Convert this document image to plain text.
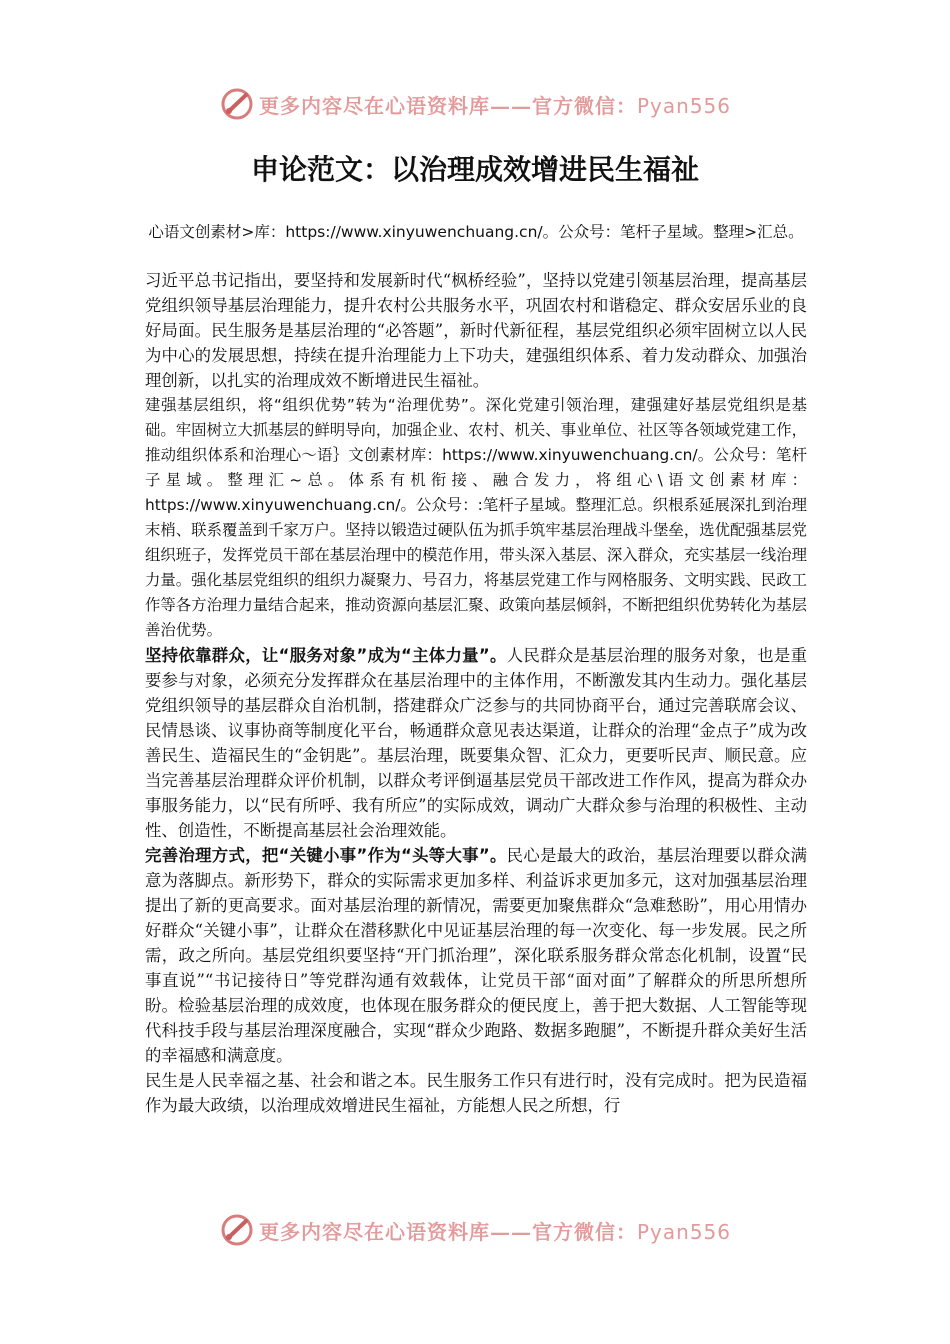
更多内容尽在心语资料库——官方微信：Pyan556
申论范文：以治理成效增进民生福祉
心语文创素材>库：https://www.xinyuwenchuang.cn/。公众号：笔杆子星域。整理>汇总。

习近平总书记指出，要坚持和发展新时代“枫桥经验”，坚持以党建引领基层治理，提高基层党组织领导基层治理能力，提升农村公共服务水平，巩固农村和谐稳定、群众安居乐业的良好局面。民生服务是基层治理的“必答题”，新时代新征程，基层党组织必须牢固树立以人民为中心的发展思想，持续在提升治理能力上下功夫，建强组织体系、着力发动群众、加强治理创新，以扎实的治理成效不断增进民生福祉。

建强基层组织，将“组织优势”转为“治理优势”。深化党建引领治理，建强建好基层党组织是基础。牢固树立大抓基层的鲜明导向，加强企业、农村、机关、事业单位、社区等各领域党建工作，推动组织体系和治理心～语｝文创素材库：https://www.xinyuwenchuang.cn/。公众号：笔杆子星域。整理汇~总。体系有机衔接、融合发力，将组心\语文创素材库：https://www.xinyuwenchuang.cn/。公众号：:笔杆子星域。整理汇总。织根系延展深扎到治理末梢、联系覆盖到千家万户。坚持以锻造过硬队伍为抓手筑牢基层治理战斗堡垒，选优配强基层党组织班子，发挥党员干部在基层治理中的模范作用，带头深入基层、深入群众，充实基层一线治理力量。强化基层党组织的组织力凝聚力、号召力，将基层党建工作与网格服务、文明实践、民政工作等各方治理力量结合起来，推动资源向基层汇聚、政策向基层倾斜，不断把组织优势转化为基层善治优势。

坚持依靠群众，让“服务对象”成为“主体力量”。人民群众是基层治理的服务对象，也是重要参与对象，必须充分发挥群众在基层治理中的主体作用，不断激发其内生动力。强化基层党组织领导的基层群众自治机制，搭建群众广泛参与的共同协商平台，通过完善联席会议、民情恳谈、议事协商等制度化平台，畅通群众意见表达渠道，让群众的治理“金点子”成为改善民生、造福民生的“金钥匙”。基层治理，既要集众智、汇众力，更要听民声、顺民意。应当完善基层治理群众评价机制，以群众考评倒逼基层党员干部改进工作作风，提高为群众办事服务能力，以“民有所呼、我有所应”的实际成效，调动广大群众参与治理的积极性、主动性、创造性，不断提高基层社会治理效能。

完善治理方式，把“关键小事”作为“头等大事”。民心是最大的政治，基层治理要以群众满意为落脚点。新形势下，群众的实际需求更加多样、利益诉求更加多元，这对加强基层治理提出了新的更高要求。面对基层治理的新情况，需要更加聚焦群众“急难愁盼”，用心用情办好群众“关键小事”，让群众在潜移默化中见证基层治理的每一次变化、每一步发展。民之所需，政之所向。基层党组织要坚持“开门抓治理”，深化联系服务群众常态化机制，设置“民事直说”“书记接待日”等党群沟通有效载体，让党员干部“面对面”了解群众的所思所想所盼。检验基层治理的成效度，也体现在服务群众的便民度上，善于把大数据、人工智能等现代科技手段与基层治理深度融合，实现“群众少跑路、数据多跑腿”，不断提升群众美好生活的幸福感和满意度。

民生是人民幸福之基、社会和谐之本。民生服务工作只有进行时，没有完成时。把为民造福作为最大政绩，以治理成效增进民生福祉，方能想人民之所想，行

更多内容尽在心语资料库——官方微信：Pyan556
